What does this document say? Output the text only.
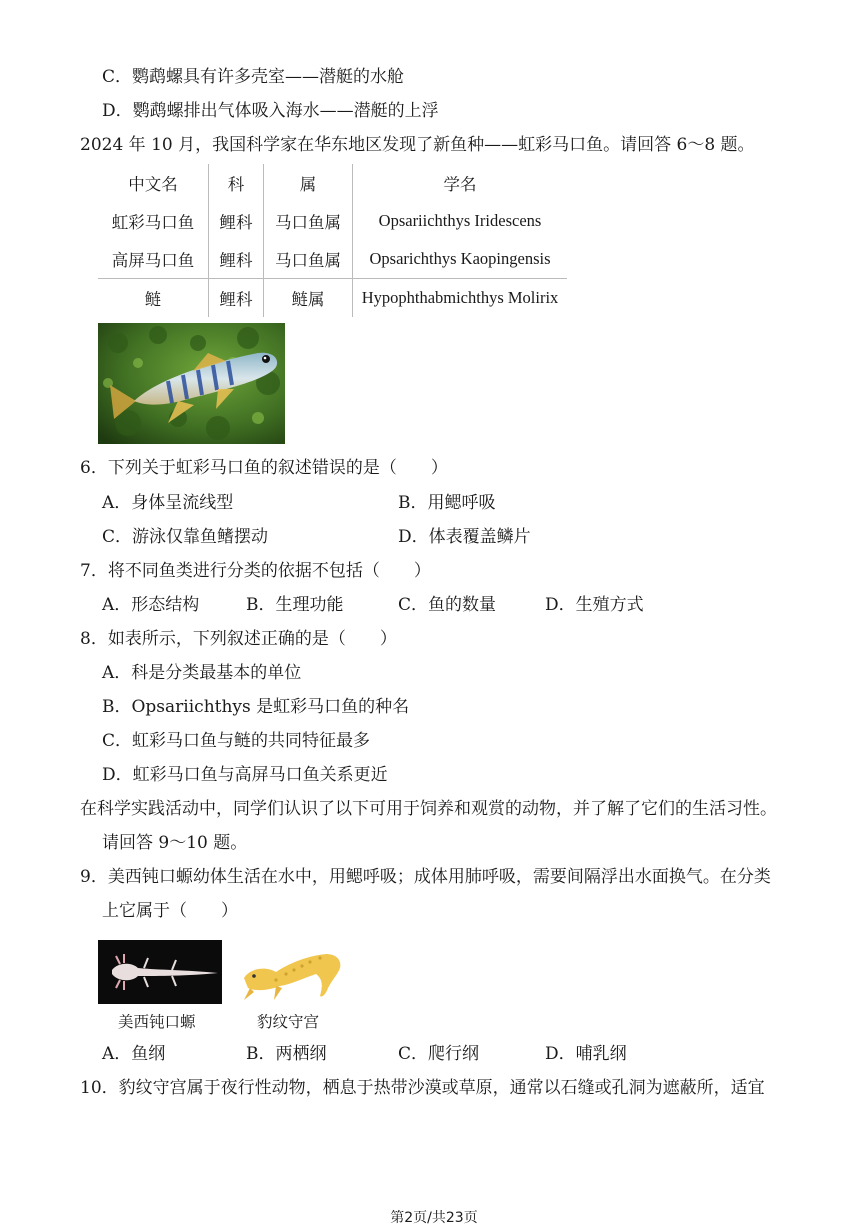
C．鹦鹉螺具有许多壳室——潜艇的水舱
D．鹦鹉螺排出气体吸入海水——潜艇的上浮
2024 年 10 月，我国科学家在华东地区发现了新鱼种——虹彩马口鱼。请回答 6～8 题。
中文名	科	属	学名
虹彩马口鱼	鲤科	马口鱼属	Opsariichthys Iridescens
高屏马口鱼	鲤科	马口鱼属	Opsarichthys Kaopingensis
鲢	鲤科	鲢属	Hypophthabmichthys Molirix
6．下列关于虹彩马口鱼的叙述错误的是（　　）
A．身体呈流线型	B．用鳃呼吸
C．游泳仅靠鱼鳍摆动	D．体表覆盖鳞片
7．将不同鱼类进行分类的依据不包括（　　）
A．形态结构	B．生理功能	C．鱼的数量	D．生殖方式
8．如表所示，下列叙述正确的是（　　）
A．科是分类最基本的单位
B．Opsariichthys 是虹彩马口鱼的种名
C．虹彩马口鱼与鲢的共同特征最多
D．虹彩马口鱼与高屏马口鱼关系更近
在科学实践活动中，同学们认识了以下可用于饲养和观赏的动物，并了解了它们的生活习性。
请回答 9～10 题。
9．美西钝口螈幼体生活在水中，用鳃呼吸；成体用肺呼吸，需要间隔浮出水面换气。在分类
上它属于（　　）
美西钝口螈	豹纹守宫
A．鱼纲	B．两栖纲	C．爬行纲	D．哺乳纲
10．豹纹守宫属于夜行性动物，栖息于热带沙漠或草原，通常以石缝或孔洞为遮蔽所，适宜
第2页/共23页
